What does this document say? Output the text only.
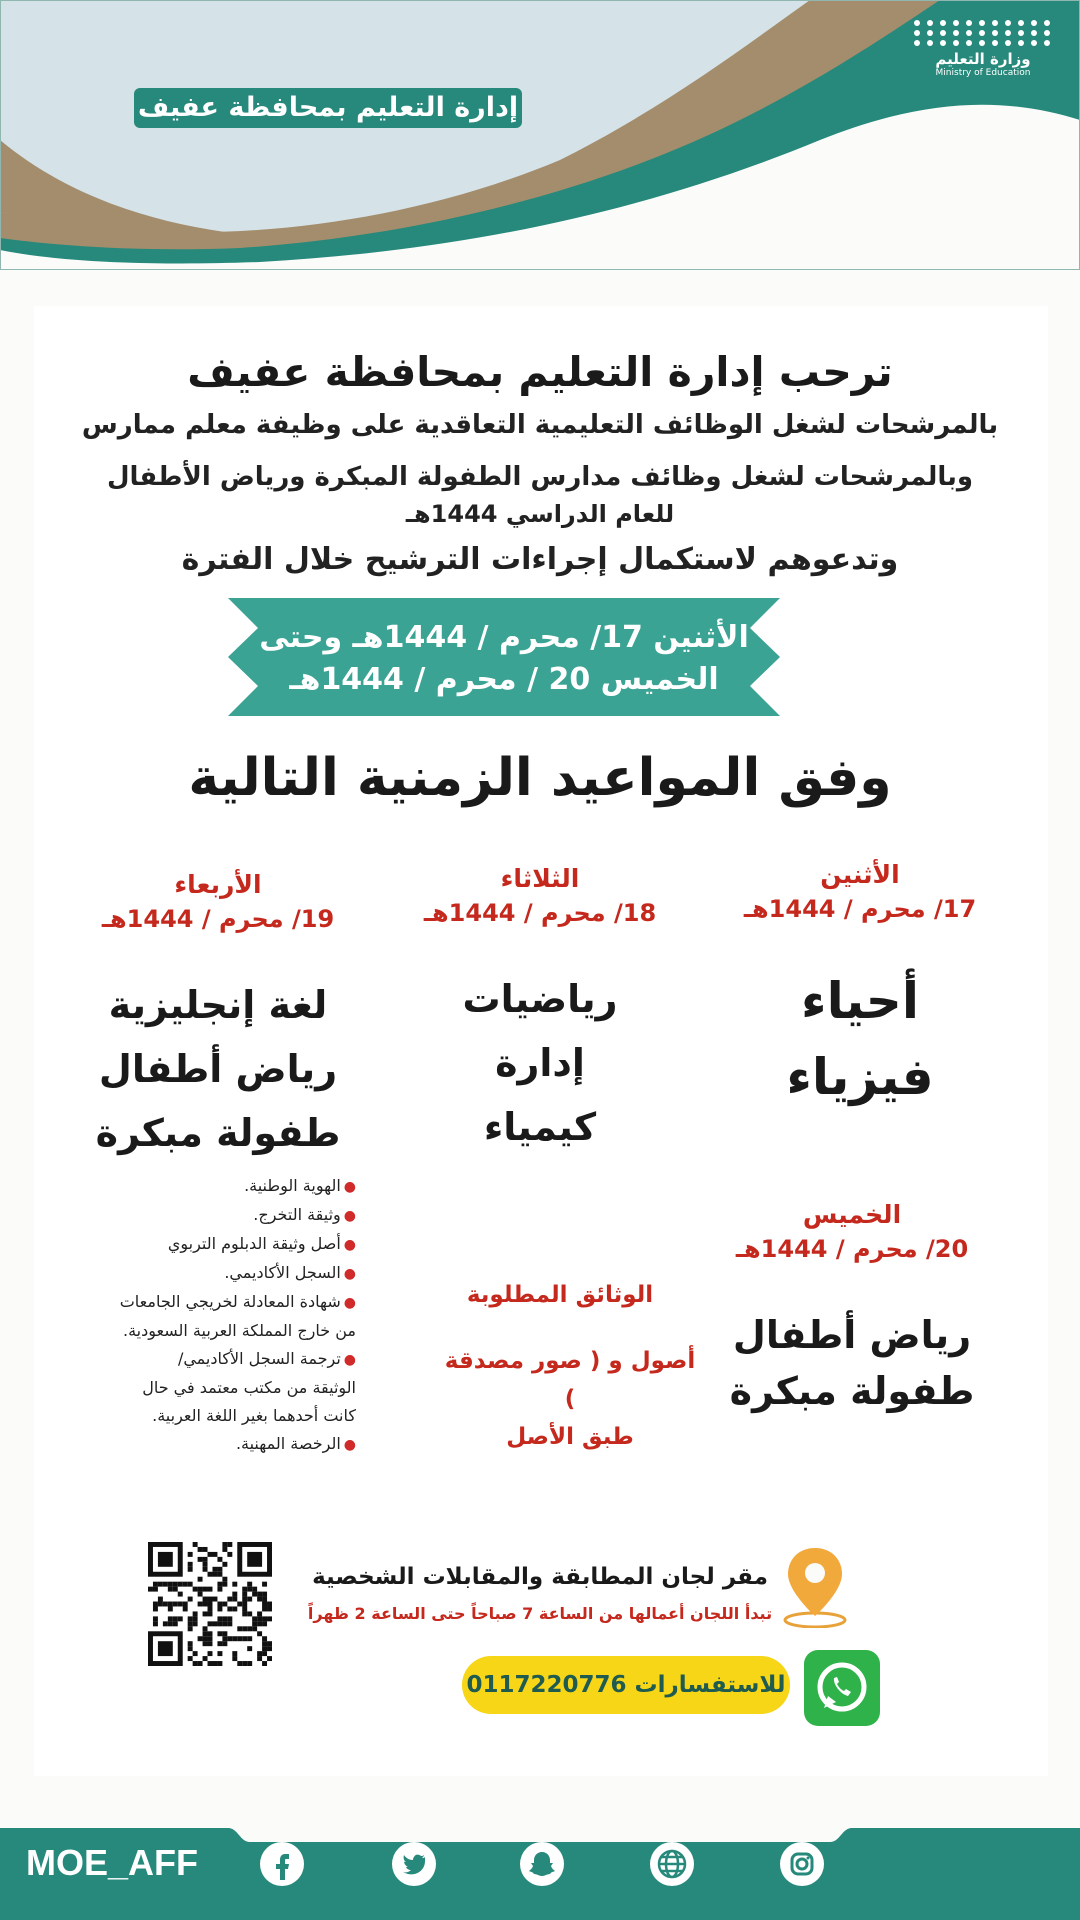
إدارة التعليم بمحافظة عفيف
وزارة التعليم
Ministry of Education
ترحب إدارة التعليم بمحافظة عفيف
بالمرشحات لشغل الوظائف التعليمية التعاقدية على وظيفة معلم ممارس
وبالمرشحات لشغل وظائف مدارس الطفولة المبكرة ورياض الأطفال
للعام الدراسي 1444هـ
وتدعوهم لاستكمال إجراءات الترشيح خلال الفترة
الأثنين 17/ محرم / 1444هـ وحتى
الخميس 20 / محرم / 1444هـ
وفق المواعيد الزمنية التالية
الأثنين
17/ محرم / 1444هـ
أحياء
فيزياء
الثلاثاء
18/ محرم / 1444هـ
رياضيات
إدارة
كيمياء
الأربعاء
19/ محرم / 1444هـ
لغة إنجليزية
رياض أطفال
طفولة مبكرة
الخميس
20/ محرم / 1444هـ
رياض أطفال
طفولة مبكرة
الوثائق المطلوبة
أصول و ( صور مصدقة )
طبق الأصل
●الهوية الوطنية.
●وثيقة التخرج.
●أصل وثيقة الدبلوم التربوي
●السجل الأكاديمي.
●شهادة المعادلة لخريجي الجامعات
من خارج المملكة العربية السعودية.
●ترجمة السجل الأكاديمي/
الوثيقة من مكتب معتمد في حال
كانت أحدهما بغير اللغة العربية.
●الرخصة المهنية.
مقر لجان المطابقة والمقابلات الشخصية
تبدأ اللجان أعمالها من الساعة 7 صباحاً حتى الساعة 2 ظهراً
للاستفسارات 0117220776
MOE_AFF
